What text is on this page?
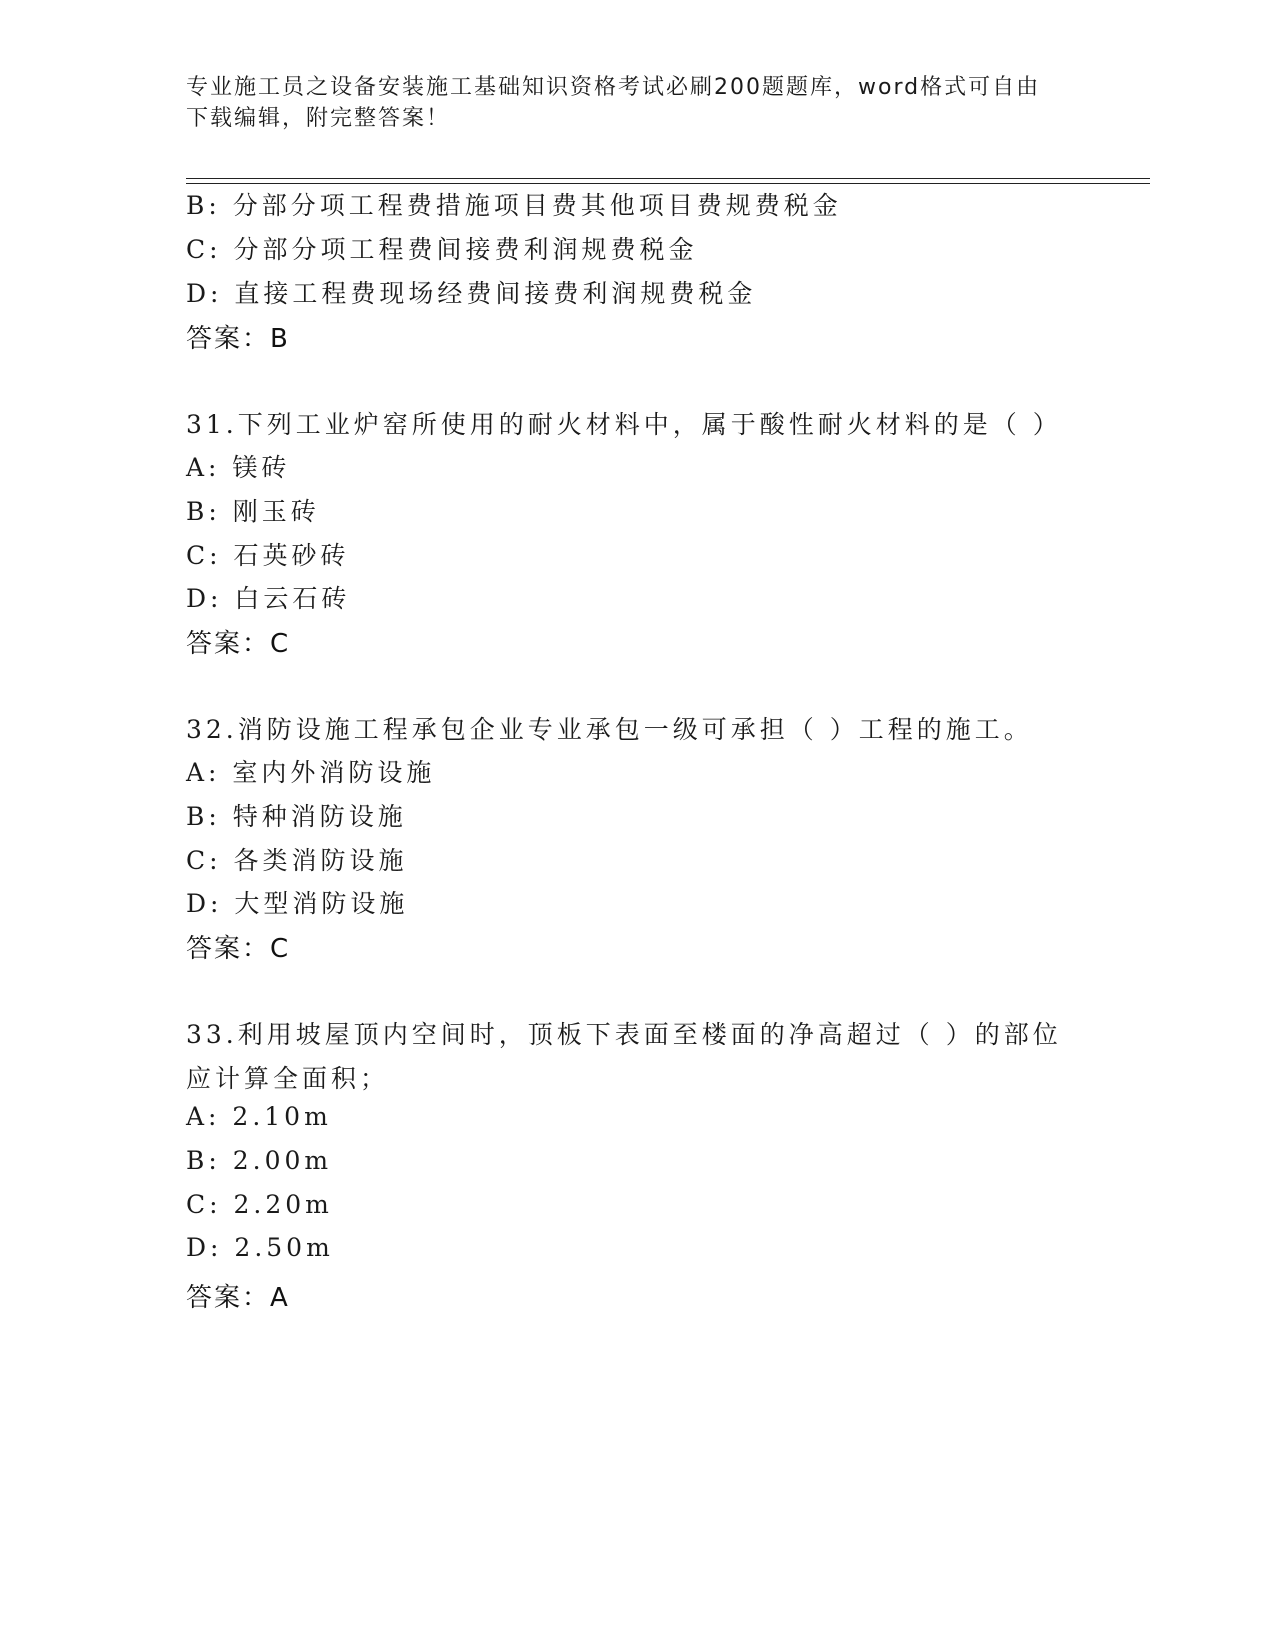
专业施工员之设备安装施工基础知识资格考试必刷200题题库，word格式可自由
下载编辑，附完整答案！
B: 分部分项工程费措施项目费其他项目费规费税金
C: 分部分项工程费间接费利润规费税金
D: 直接工程费现场经费间接费利润规费税金
答案：B
31.下列工业炉窑所使用的耐火材料中，属于酸性耐火材料的是（ ）
A: 镁砖
B: 刚玉砖
C: 石英砂砖
D: 白云石砖
答案：C
32.消防设施工程承包企业专业承包一级可承担（ ）工程的施工。
A: 室内外消防设施
B: 特种消防设施
C: 各类消防设施
D: 大型消防设施
答案：C
33.利用坡屋顶内空间时，顶板下表面至楼面的净高超过（ ）的部位
应计算全面积；
A: 2.10m
B: 2.00m
C: 2.20m
D: 2.50m
答案：A
